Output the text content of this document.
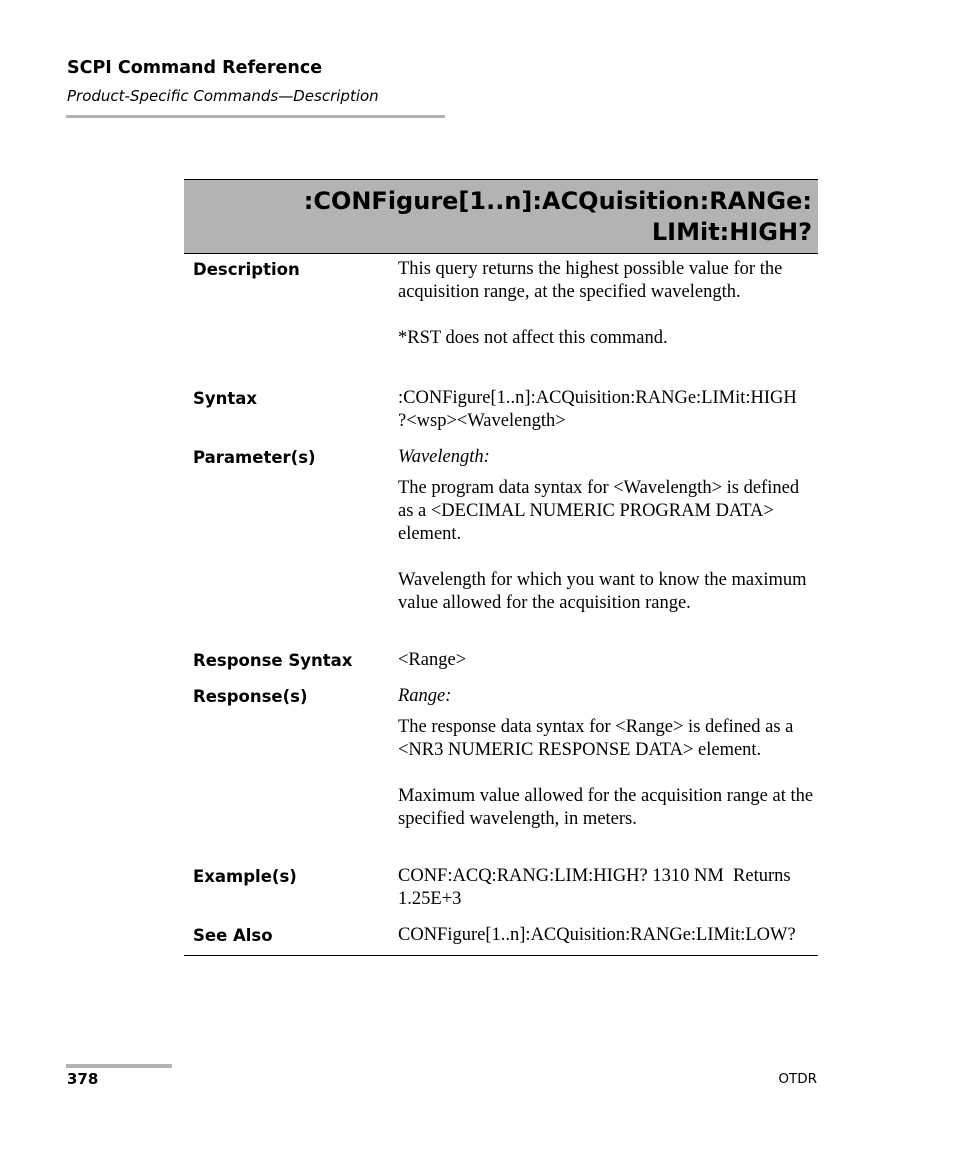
SCPI Command Reference
Product-Specific Commands—Description
:CONFigure[1..n]:ACQuisition:RANGe:
LIMit:HIGH?
Description	This query returns the highest possible value for the acquisition range, at the specified wavelength.

*RST does not affect this command.

Syntax	:CONFigure[1..n]:ACQuisition:RANGe:LIMit:HIGH

?<wsp><Wavelength>

Parameter(s)	Wavelength:

The program data syntax for <Wavelength> is defined as a <DECIMAL NUMERIC PROGRAM DATA> element.

Wavelength for which you want to know the maximum value allowed for the acquisition range.

Response Syntax	<Range>

Response(s)	Range:

The response data syntax for <Range> is defined as a <NR3 NUMERIC RESPONSE DATA> element.

Maximum value allowed for the acquisition range at the specified wavelength, in meters.

Example(s)	CONF:ACQ:RANG:LIM:HIGH? 1310 NM  Returns

1.25E+3

See Also	CONFigure[1..n]:ACQuisition:RANGe:LIMit:LOW?

378	OTDR
